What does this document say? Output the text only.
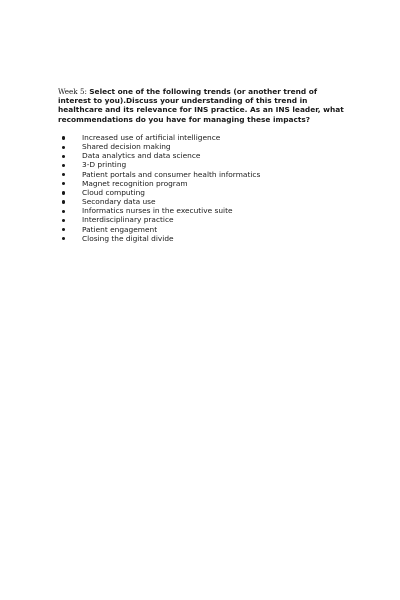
Week 5: Select one of the following trends (or another trend of interest to you).Discuss your understanding of this trend in healthcare and its relevance for INS practice. As an INS leader, what recommendations do you have for managing these impacts?

Increased use of artificial intelligence
Shared decision making
Data analytics and data science
3-D printing
Patient portals and consumer health informatics
Magnet recognition program
Cloud computing
Secondary data use
Informatics nurses in the executive suite
Interdisciplinary practice
Patient engagement
Closing the digital divide
